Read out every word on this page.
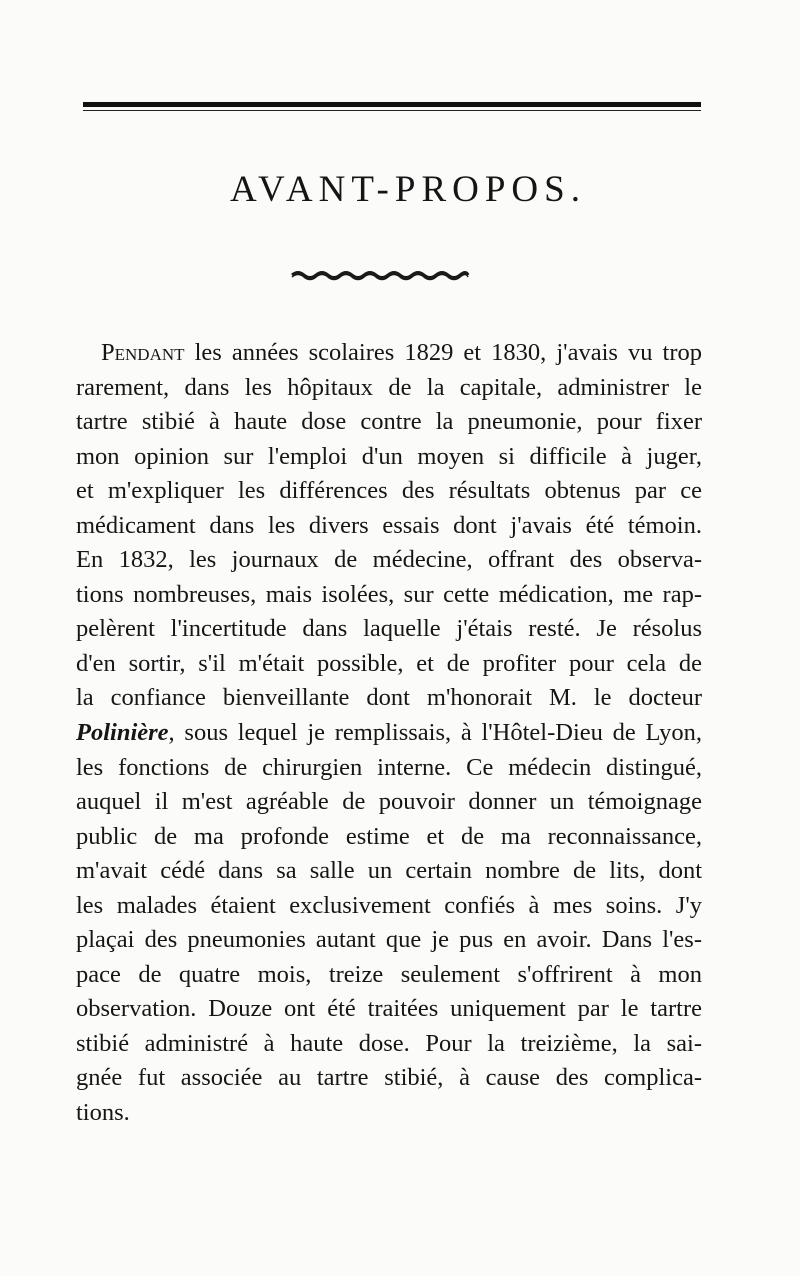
AVANT-PROPOS.
Pendant les années scolaires 1829 et 1830, j'avais vu trop
rarement, dans les hôpitaux de la capitale, administrer le
tartre stibié à haute dose contre la pneumonie, pour fixer
mon opinion sur l'emploi d'un moyen si difficile à juger,
et m'expliquer les différences des résultats obtenus par ce
médicament dans les divers essais dont j'avais été témoin.
En 1832, les journaux de médecine, offrant des observa-
tions nombreuses, mais isolées, sur cette médication, me rap-
pelèrent l'incertitude dans laquelle j'étais resté. Je résolus
d'en sortir, s'il m'était possible, et de profiter pour cela de
la confiance bienveillante dont m'honorait M. le docteur
Polinière, sous lequel je remplissais, à l'Hôtel-Dieu de Lyon,
les fonctions de chirurgien interne. Ce médecin distingué,
auquel il m'est agréable de pouvoir donner un témoignage
public de ma profonde estime et de ma reconnaissance,
m'avait cédé dans sa salle un certain nombre de lits, dont
les malades étaient exclusivement confiés à mes soins. J'y
plaçai des pneumonies autant que je pus en avoir. Dans l'es-
pace de quatre mois, treize seulement s'offrirent à mon
observation. Douze ont été traitées uniquement par le tartre
stibié administré à haute dose. Pour la treizième, la sai-
gnée fut associée au tartre stibié, à cause des complica-
tions.
